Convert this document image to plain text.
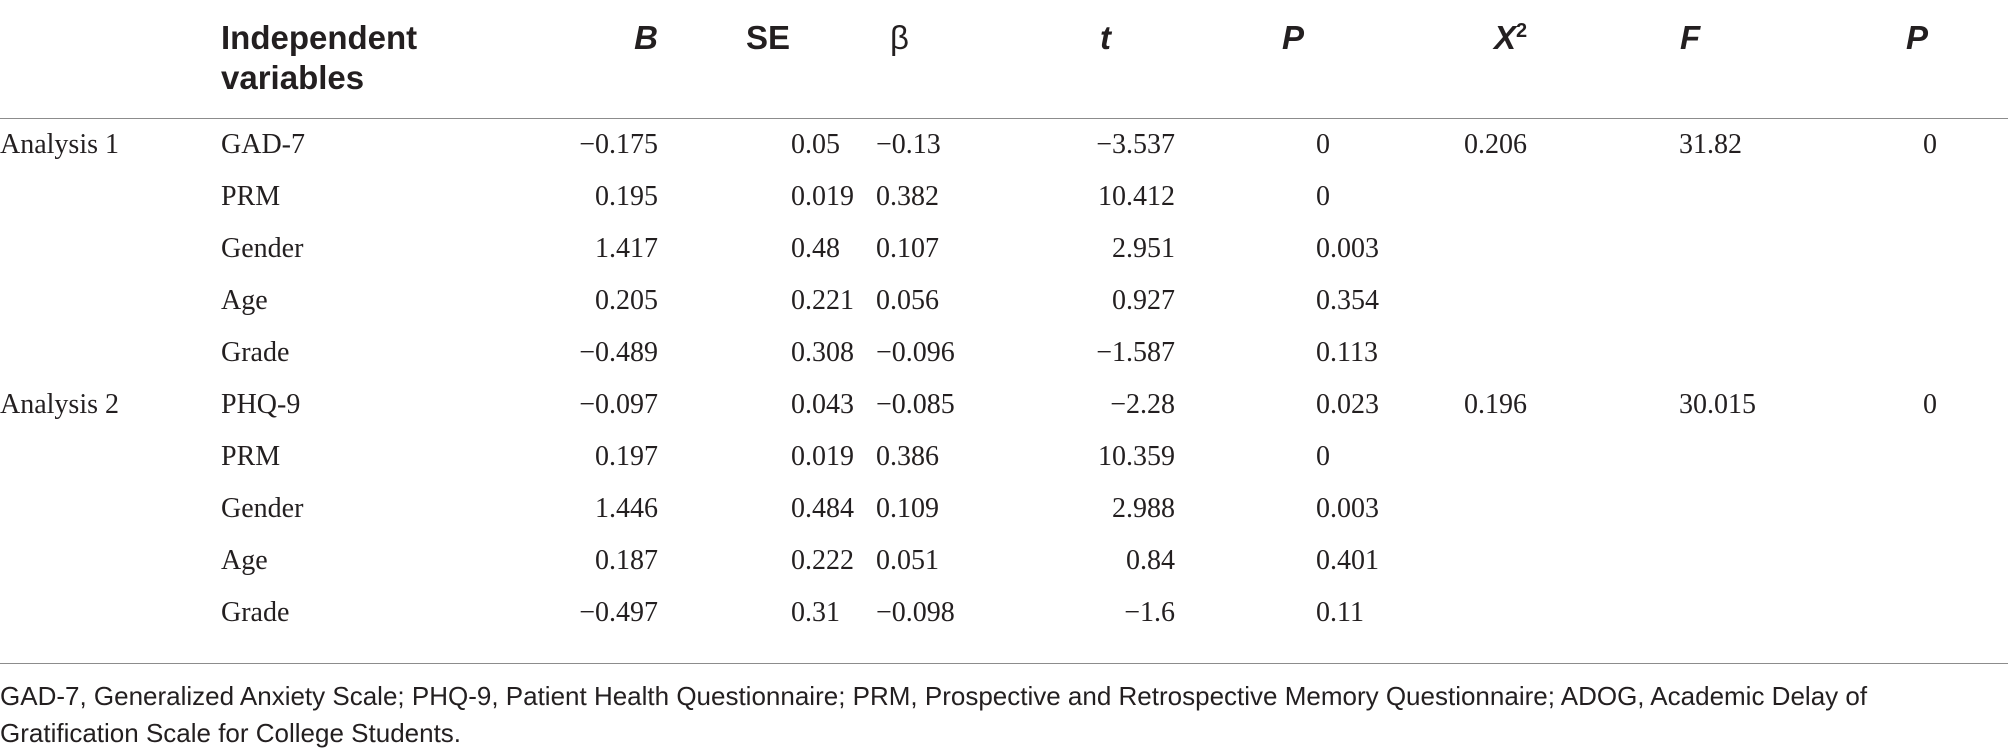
	Independent variables	B	SE	β	t	P	$X^2$	F	P
Analysis 1	GAD-7	−0.175	0.05	−0.13	−3.537	0	0.206	31.82	0
	PRM	0.195	0.019	0.382	10.412	0			
	Gender	1.417	0.48	0.107	2.951	0.003			
	Age	0.205	0.221	0.056	0.927	0.354			
	Grade	−0.489	0.308	−0.096	−1.587	0.113			
Analysis 2	PHQ-9	−0.097	0.043	−0.085	−2.28	0.023	0.196	30.015	0
	PRM	0.197	0.019	0.386	10.359	0			
	Gender	1.446	0.484	0.109	2.988	0.003			
	Age	0.187	0.222	0.051	0.84	0.401			
	Grade	−0.497	0.31	−0.098	−1.6	0.11			
GAD-7, Generalized Anxiety Scale; PHQ-9, Patient Health Questionnaire; PRM, Prospective and Retrospective Memory Questionnaire; ADOG, Academic Delay of Gratification Scale for College Students.
